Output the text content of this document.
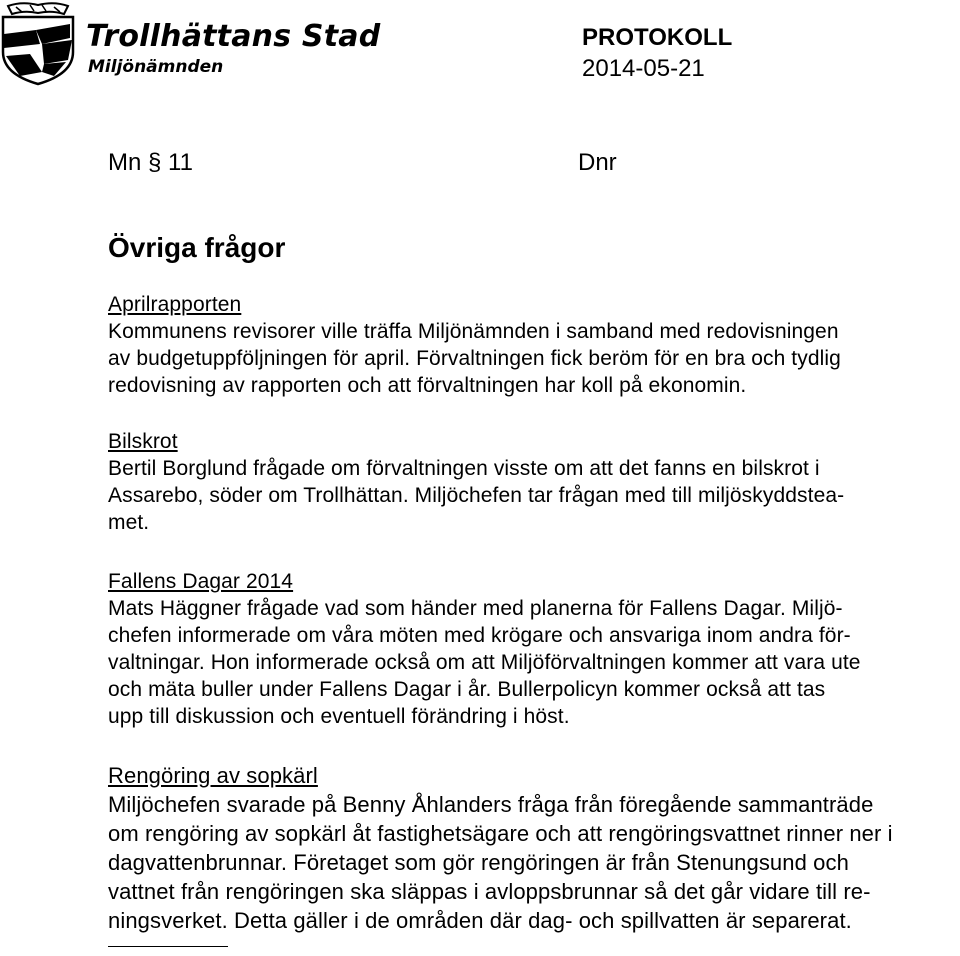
Trollhättans Stad
Miljönämnden
PROTOKOLL
2014-05-21
Mn § 11	Dnr
Övriga frågor
Aprilrapporten
Kommunens revisorer ville träffa Miljönämnden i samband med redovisningen
av budgetuppföljningen för april. Förvaltningen fick beröm för en bra och tydlig
redovisning av rapporten och att förvaltningen har koll på ekonomin.
Bilskrot
Bertil Borglund frågade om förvaltningen visste om att det fanns en bilskrot i
Assarebo, söder om Trollhättan. Miljöchefen tar frågan med till miljöskyddsteа-
met.
Fallens Dagar 2014
Mats Häggner frågade vad som händer med planerna för Fallens Dagar. Miljö-
chefen informerade om våra möten med krögare och ansvariga inom andra för-
valtningar. Hon informerade också om att Miljöförvaltningen kommer att vara ute
och mäta buller under Fallens Dagar i år. Bullerpolicyn kommer också att tas
upp till diskussion och eventuell förändring i höst.
Rengöring av sopkärl
Miljöchefen svarade på Benny Åhlanders fråga från föregående sammanträde
om rengöring av sopkärl åt fastighetsägare och att rengöringsvattnet rinner ner i
dagvattenbrunnar. Företaget som gör rengöringen är från Stenungsund och
vattnet från rengöringen ska släppas i avloppsbrunnar så det går vidare till re-
ningsverket. Detta gäller i de områden där dag- och spillvatten är separerat.
